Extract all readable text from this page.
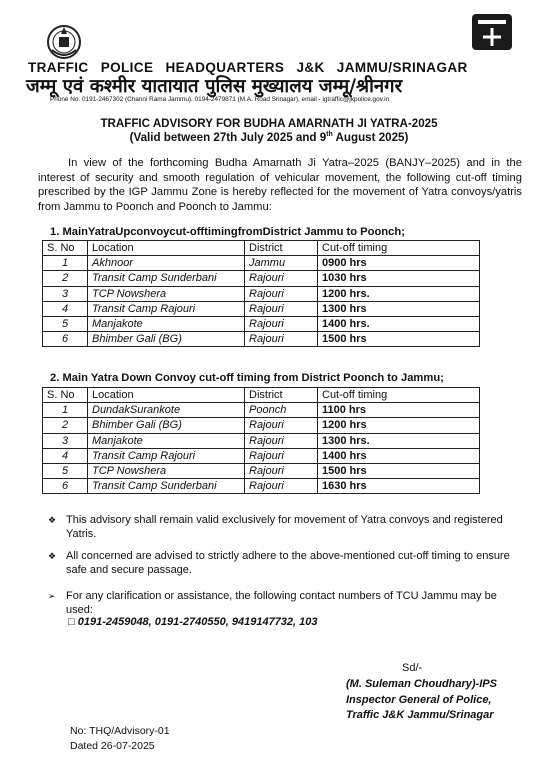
TRAFFIC POLICE HEADQUARTERS J&K JAMMU/SRINAGAR
जम्मू एवं कश्मीर यातायात पुलिस मुख्यालय जम्मू/श्रीनगर
Phone No. 0191-2467302 (Channi Rama Jammu), 0194-2479871 (M.A. Road Srinagar), email - igtraffic@jkpolice.gov.in
TRAFFIC ADVISORY FOR BUDHA AMARNATH JI YATRA-2025
(Valid between 27th July 2025 and 9th August 2025)
In view of the forthcoming Budha Amarnath Ji Yatra–2025 (BANJY–2025) and in the interest of security and smooth regulation of vehicular movement, the following cut-off timing prescribed by the IGP Jammu Zone is hereby reflected for the movement of Yatra convoys/yatris from Jammu to Poonch and Poonch to Jammu:
1. MainYatraUpconvoycut-offtimingfromDistrict Jammu to Poonch;
S. No	Location	District	Cut-off timing
1	Akhnoor	Jammu	0900 hrs
2	Transit Camp Sunderbani	Rajouri	1030 hrs
3	TCP Nowshera	Rajouri	1200 hrs.
4	Transit Camp Rajouri	Rajouri	1300 hrs
5	Manjakote	Rajouri	1400 hrs.
6	Bhimber Gali (BG)	Rajouri	1500 hrs
2. Main Yatra Down Convoy cut-off timing from District Poonch to Jammu;
S. No	Location	District	Cut-off timing
1	DundakSurankote	Poonch	1100 hrs
2	Bhimber Gali (BG)	Rajouri	1200 hrs
3	Manjakote	Rajouri	1300 hrs.
4	Transit Camp Rajouri	Rajouri	1400 hrs
5	TCP Nowshera	Rajouri	1500 hrs
6	Transit Camp Sunderbani	Rajouri	1630 hrs
❖ This advisory shall remain valid exclusively for movement of Yatra convoys and registered Yatris.
❖ All concerned are advised to strictly adhere to the above-mentioned cut-off timing to ensure safe and secure passage.
➢ For any clarification or assistance, the following contact numbers of TCU Jammu may be used:
□ 0191-2459048, 0191-2740550, 9419147732, 103
Sd/-
(M. Suleman Choudhary)-IPS
Inspector General of Police,
Traffic J&K Jammu/Srinagar
No: THQ/Advisory-01
Dated 26-07-2025
